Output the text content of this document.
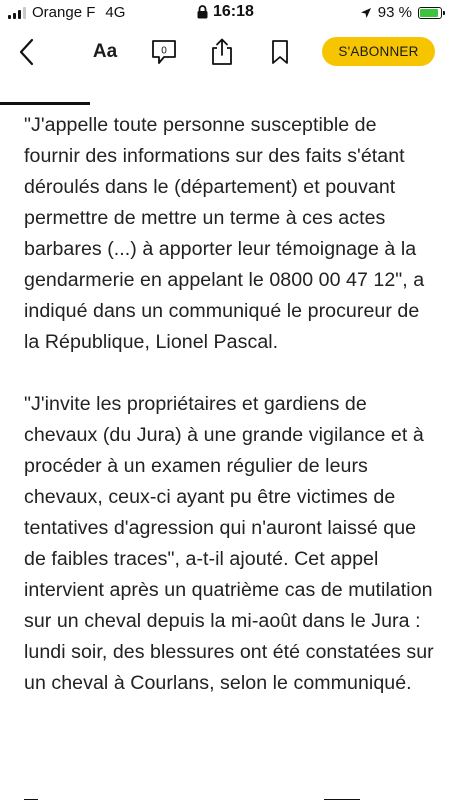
Orange F 4G	16:18	93 %
Aa	0	S'ABONNER

"J'appelle toute personne susceptible de fournir des informations sur des faits s'étant déroulés dans le (département) et pouvant permettre de mettre un terme à ces actes barbares (...) à apporter leur témoignage à la gendarmerie en appelant le 0800 00 47 12", a indiqué dans un communiqué le procureur de la République, Lionel Pascal.

"J'invite les propriétaires et gardiens de chevaux (du Jura) à une grande vigilance et à procéder à un examen régulier de leurs chevaux, ceux-ci ayant pu être victimes de tentatives d'agression qui n'auront laissé que de faibles traces", a-t-il ajouté. Cet appel intervient après un quatrième cas de mutilation sur un cheval depuis la mi-août dans le Jura : lundi soir, des blessures ont été constatées sur un cheval à Courlans, selon le communiqué.
